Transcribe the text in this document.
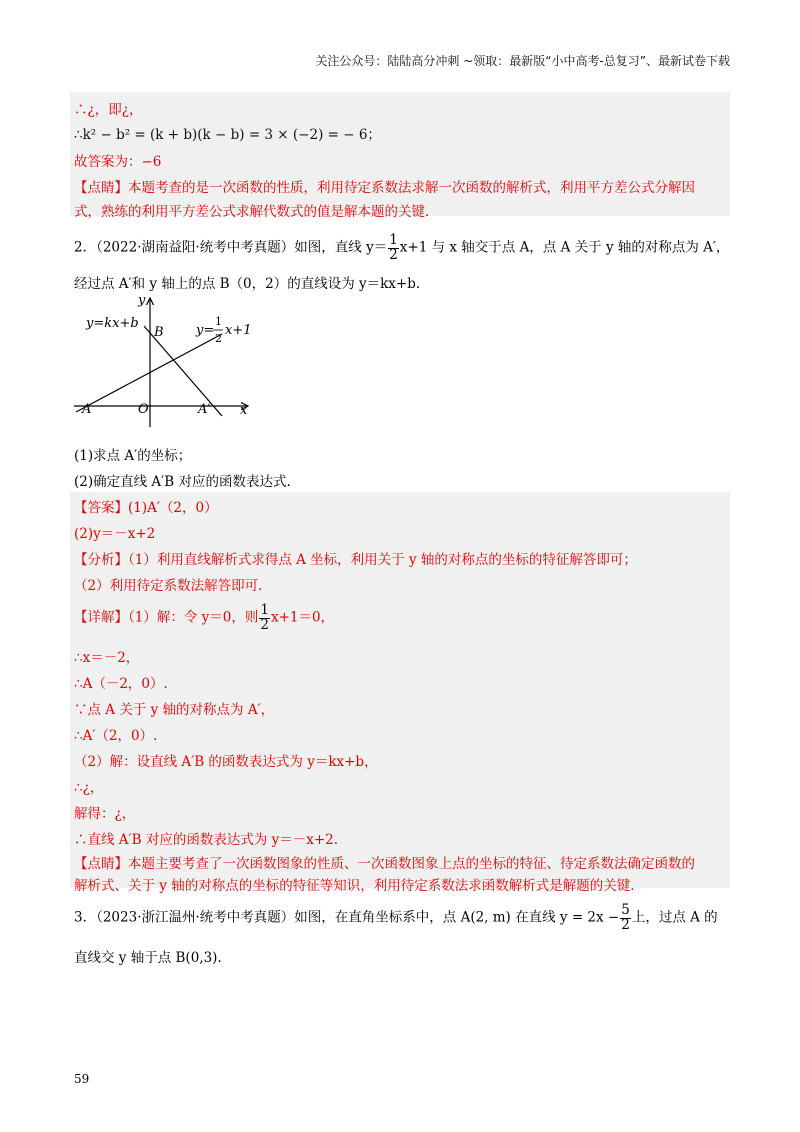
关注公众号：陆陆高分冲刺 ~领取：最新版“小中高考-总复习”、最新试卷下载
∴¿，即¿，
∴k² − b² = (k + b)(k − b) = 3 × (−2) = − 6；
故答案为：−6
【点睛】本题考查的是一次函数的性质，利用待定系数法求解一次函数的解析式，利用平方差公式分解因
式，熟练的利用平方差公式求解代数式的值是解本题的关键.
2．（2022·湖南益阳·统考中考真题）如图，直线 $y= \frac{1}{2} x+1$ 与 x 轴交于点 A，点 A 关于 y 轴的对称点为 A′，
经过点 A′和 y 轴上的点 B（0，2）的直线设为 y＝kx+b.
y
x
y=kx+b	y=
1
2
x+1
B
A	O	A′
(1)求点 A′的坐标；
(2)确定直线 A′B 对应的函数表达式.
【答案】(1)A′（2，0）
(2)y＝－x+2
【分析】（1）利用直线解析式求得点 A 坐标，利用关于 y 轴的对称点的坐标的特征解答即可；
（2）利用待定系数法解答即可.
【详解】（1）解：令 y＝0，则 $\frac{1}{2} x+1=0$，
∴x＝－2，
∴A（－2，0）.
∵点 A 关于 y 轴的对称点为 A′，
∴A′（2，0）.
（2）解：设直线 A′B 的函数表达式为 y＝kx+b，
∴¿，
解得：¿，
∴直线 A′B 对应的函数表达式为 y＝－x+2.
【点睛】本题主要考查了一次函数图象的性质、一次函数图象上点的坐标的特征、待定系数法确定函数的
解析式、关于 y 轴的对称点的坐标的特征等知识，利用待定系数法求函数解析式是解题的关键.
3．（2023·浙江温州·统考中考真题）如图，在直角坐标系中，点 A(2, m) 在直线 $y = 2x - \frac{5}{2}$ 上，过点 A 的
直线交 y 轴于点 B(0,3).
59
